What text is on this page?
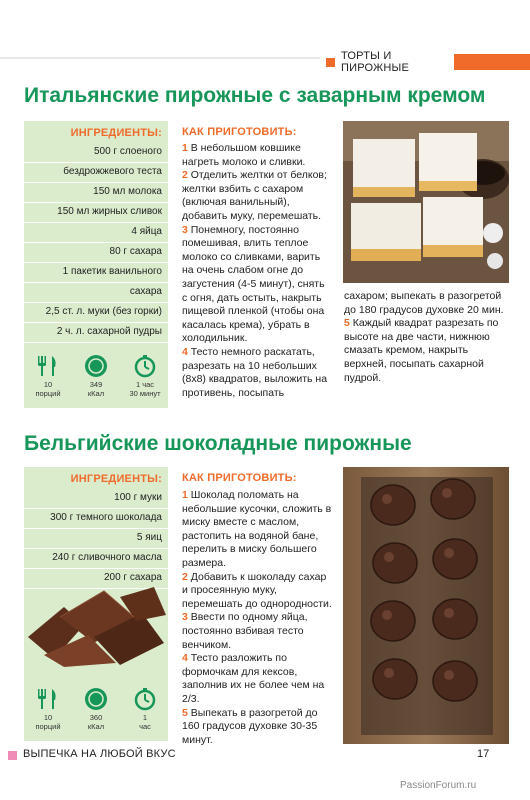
ТОРТЫ И ПИРОЖНЫЕ
Итальянские пирожные с заварным кремом
ИНГРЕДИЕНТЫ:
500 г слоеного
бездрожжевого теста
150 мл молока
150 мл жирных сливок
4 яйца
80 г сахара
1 пакетик ванильного
сахара
2,5 ст. л. муки (без горки)
2 ч. л. сахарной пудры
10
порций
349
кКал
1 час
30 минут
КАК ПРИГОТОВИТЬ:

1 В небольшом ковшике нагреть молоко и сливки.

2 Отделить желтки от белков; желтки взбить с сахаром (включая ванильный), добавить муку, перемешать.

3 Понемногу, постоянно помешивая, влить теплое молоко со сливками, варить на очень слабом огне до загустения (4-5 минут), снять с огня, дать остыть, накрыть пищевой пленкой (чтобы она касалась крема), убрать в холодильник.

4 Тесто немного раскатать, разрезать на 10 небольших (8х8) квадратов, выложить на противень, посыпать

сахаром; выпекать в разогретой до 180 градусов духовке 20 мин.

5 Каждый квадрат разрезать по высоте на две части, нижнюю смазать кремом, накрыть верхней, посыпать сахарной пудрой.

Бельгийские шоколадные пирожные
ИНГРЕДИЕНТЫ:
100 г муки
300 г темного шоколада
5 яиц
240 г сливочного масла
200 г сахара
10
порций
360
кКал
1
час
КАК ПРИГОТОВИТЬ:

1 Шоколад поломать на небольшие кусочки, сложить в миску вместе с маслом, растопить на водяной бане, перелить в миску большего размера.

2 Добавить к шоколаду сахар и просеянную муку, перемешать до однородности.

3 Ввести по одному яйца, постоянно взбивая тесто венчиком.

4 Тесто разложить по формочкам для кексов, заполнив их не более чем на 2/3.

5 Выпекать в разогретой до 160 градусов духовке 30-35 минут.

ВЫПЕЧКА НА ЛЮБОЙ ВКУС	17
PassionForum.ru
